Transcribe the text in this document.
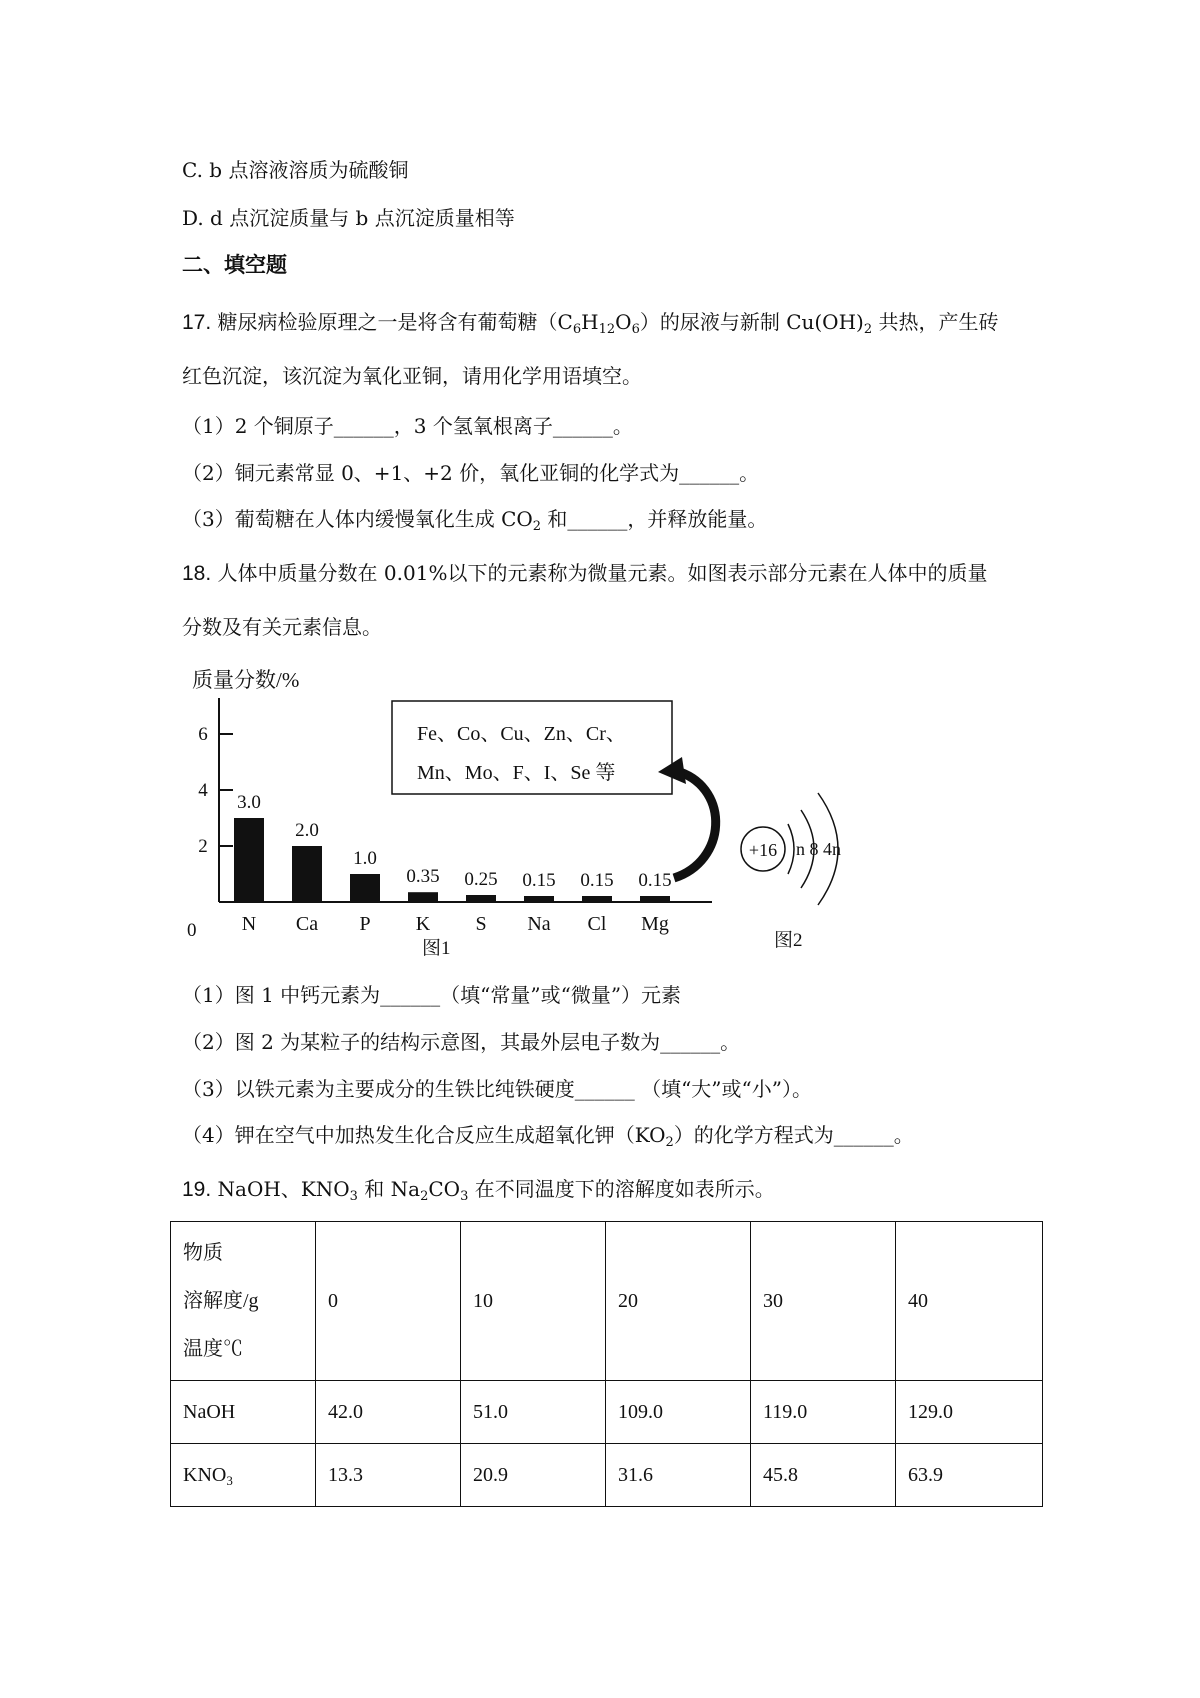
C. b 点溶液溶质为硫酸铜
D. d 点沉淀质量与 b 点沉淀质量相等
二、填空题
17. 糖尿病检验原理之一是将含有葡萄糖$(C_6H_{12}O_6)$的尿液与新制 $Cu(OH)_2$ 共热，产生砖
红色沉淀，该沉淀为氧化亚铜，请用化学用语填空。
（1）2 个铜原子______，3 个氢氧根离子______。
（2）铜元素常显 0、+1、+2 价，氧化亚铜的化学式为______。
（3）葡萄糖在人体内缓慢氧化生成 $CO_2$ 和______，并释放能量。
18. 人体中质量分数在 0.01%以下的元素称为微量元素。如图表示部分元素在人体中的质量
分数及有关元素信息。
质量分数/%
0
2
4
6
3.0
N
2.0
Ca
1.0
P
0.35
K
0.25
S
0.15
Na
0.15
Cl
0.15
Mg
图1
Fe、Co、Cu、Zn、Cr、
Mn、Mo、F、I、Se 等
+16 n 8 4n
图2
（1）图 1 中钙元素为______（填“常量”或“微量”）元素
（2）图 2 为某粒子的结构示意图，其最外层电子数为______。
（3）以铁元素为主要成分的生铁比纯铁硬度______ （填“大”或“小”）。
（4）钾在空气中加热发生化合反应生成超氧化钾$(KO_2)$的化学方程式为______。
19. NaOH、$KNO_3$ 和 $Na_2CO_3$ 在不同温度下的溶解度如表所示。
物质
溶解度/g
温度℃	0	10	20	30	40
NaOH	42.0	51.0	109.0	119.0	129.0
$KNO_3$	13.3	20.9	31.6	45.8	63.9
